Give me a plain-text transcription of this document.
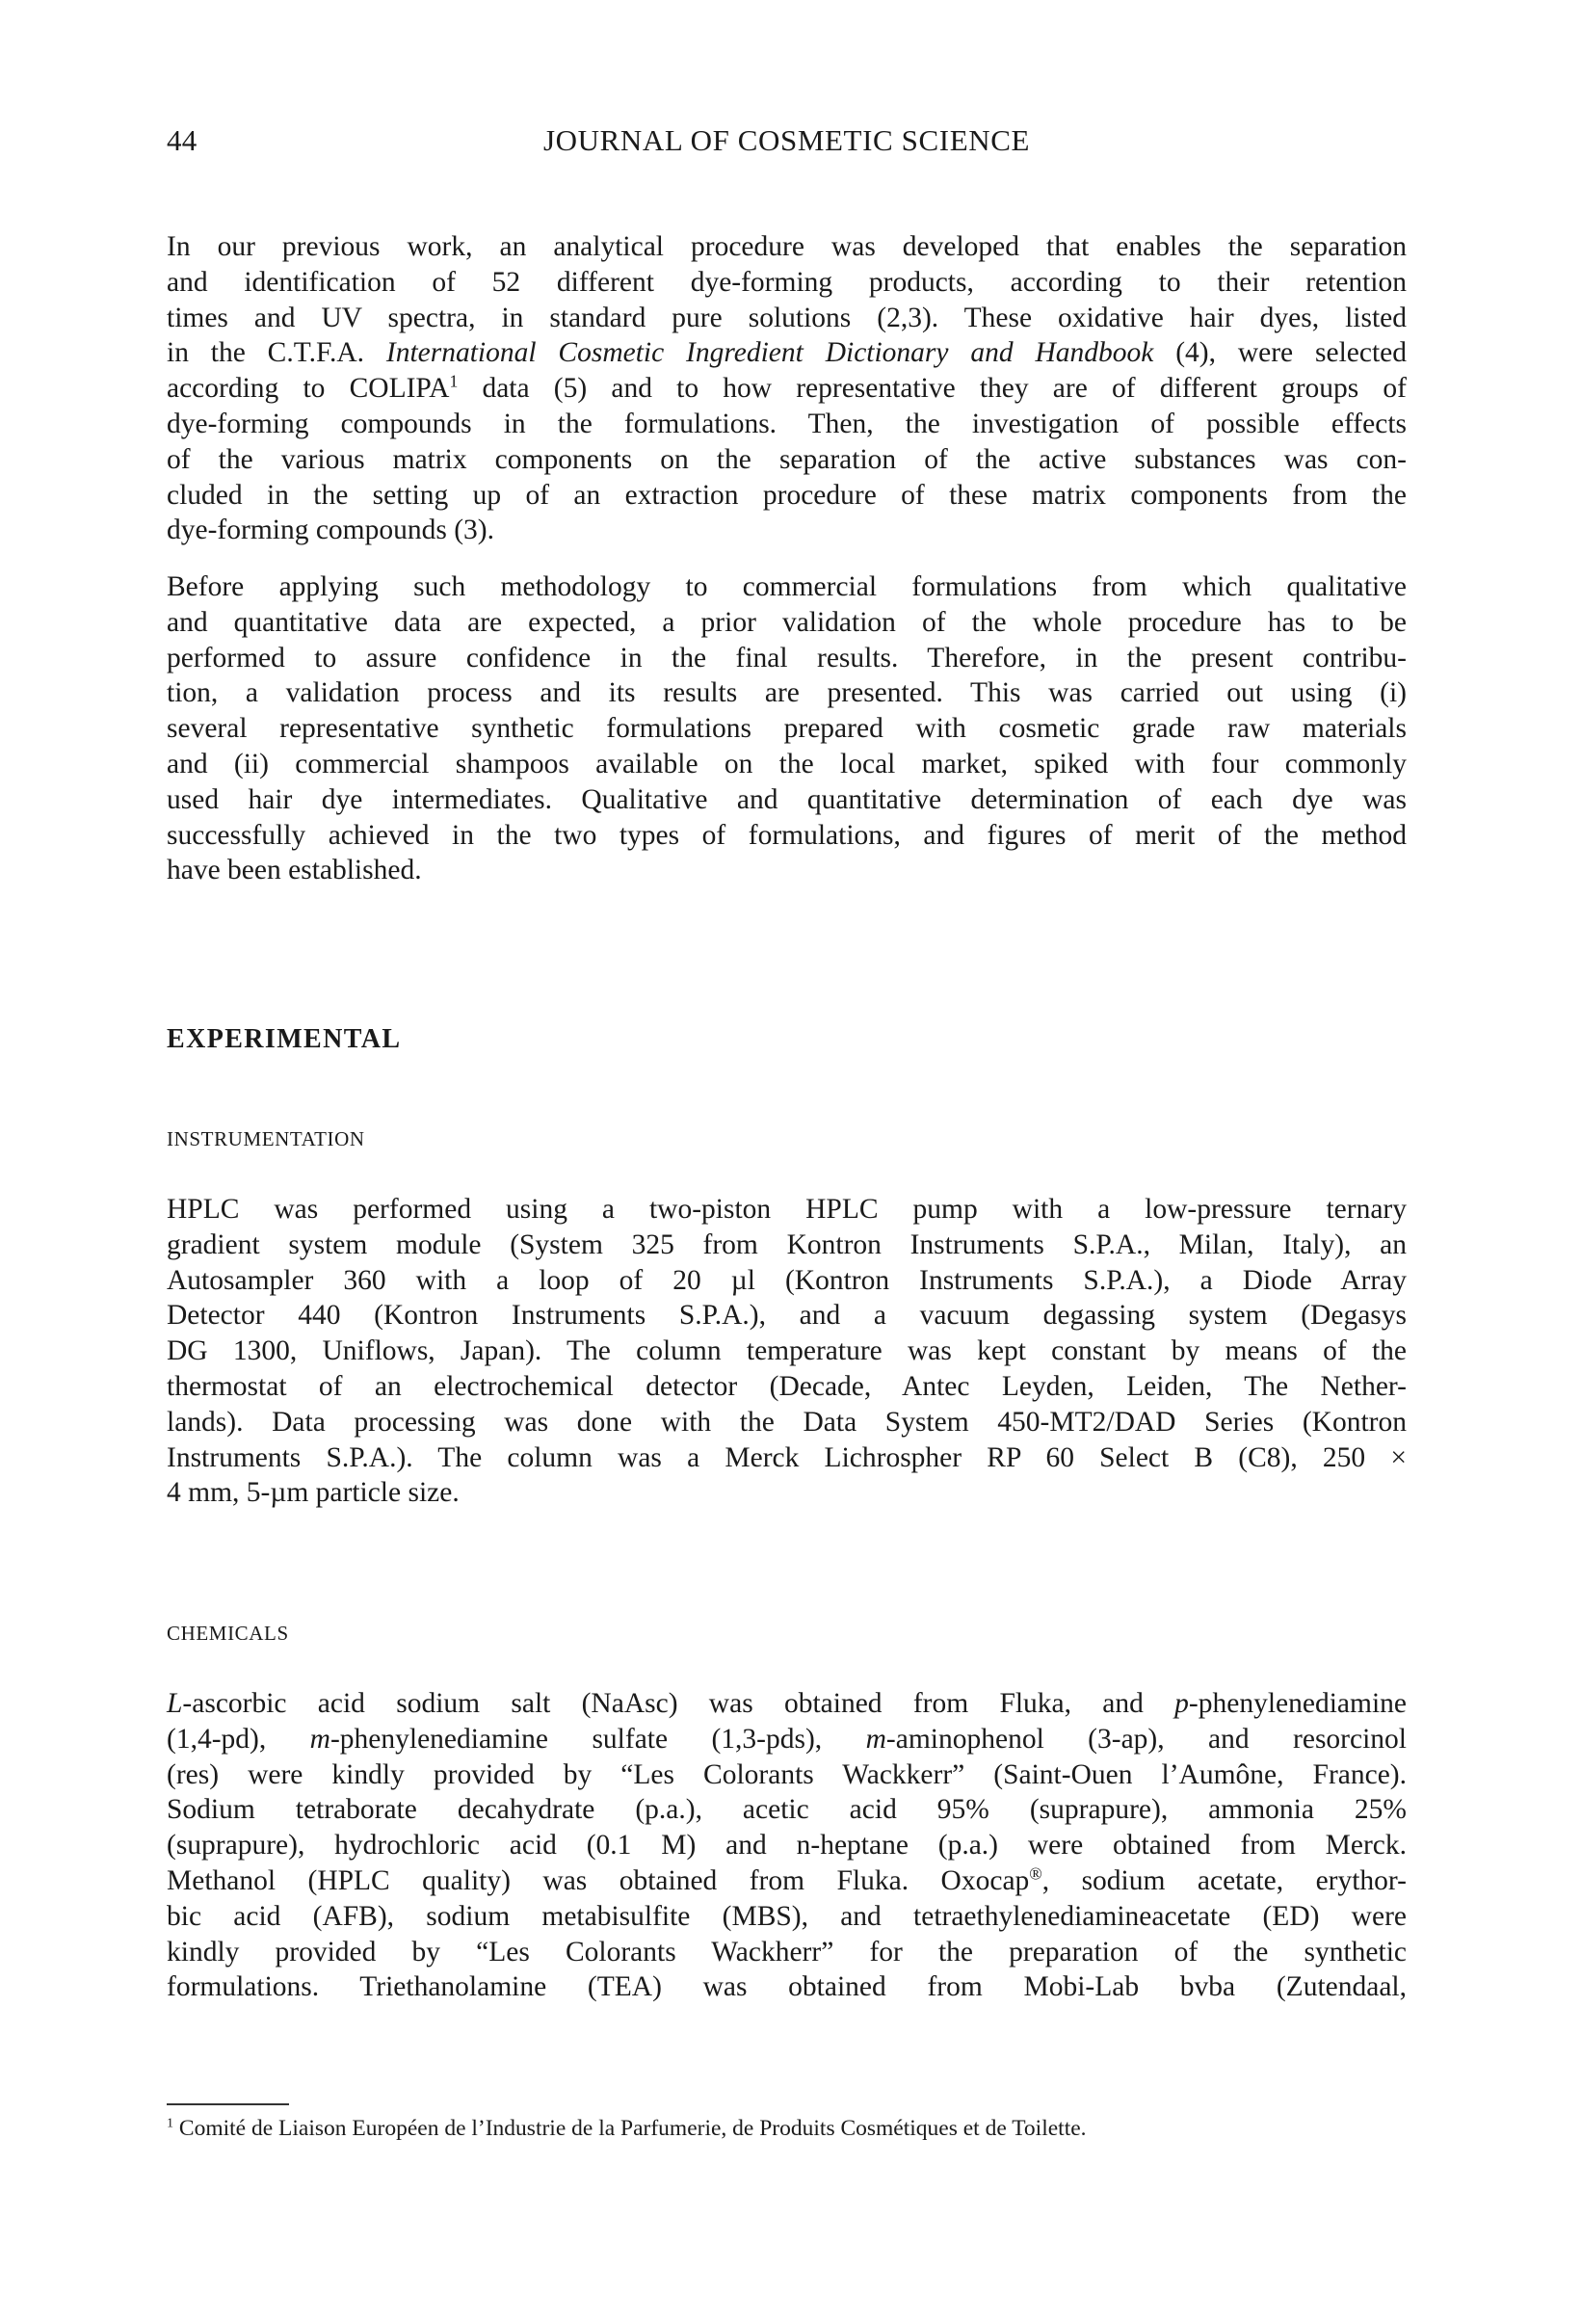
44	JOURNAL OF COSMETIC SCIENCE
In our previous work, an analytical procedure was developed that enables the separation
and identification of 52 different dye-forming products, according to their retention
times and UV spectra, in standard pure solutions (2,3). These oxidative hair dyes, listed
in the C.T.F.A. International Cosmetic Ingredient Dictionary and Handbook (4), were selected
according to COLIPA$^1$ data (5) and to how representative they are of different groups of
dye-forming compounds in the formulations. Then, the investigation of possible effects
of the various matrix components on the separation of the active substances was con-
cluded in the setting up of an extraction procedure of these matrix components from the
dye-forming compounds (3).
Before applying such methodology to commercial formulations from which qualitative
and quantitative data are expected, a prior validation of the whole procedure has to be
performed to assure confidence in the final results. Therefore, in the present contribu-
tion, a validation process and its results are presented. This was carried out using (i)
several representative synthetic formulations prepared with cosmetic grade raw materials
and (ii) commercial shampoos available on the local market, spiked with four commonly
used hair dye intermediates. Qualitative and quantitative determination of each dye was
successfully achieved in the two types of formulations, and figures of merit of the method
have been established.
EXPERIMENTAL
INSTRUMENTATION
HPLC was performed using a two-piston HPLC pump with a low-pressure ternary
gradient system module (System 325 from Kontron Instruments S.P.A., Milan, Italy), an
Autosampler 360 with a loop of 20 µl (Kontron Instruments S.P.A.), a Diode Array
Detector 440 (Kontron Instruments S.P.A.), and a vacuum degassing system (Degasys
DG 1300, Uniflows, Japan). The column temperature was kept constant by means of the
thermostat of an electrochemical detector (Decade, Antec Leyden, Leiden, The Nether-
lands). Data processing was done with the Data System 450-MT2/DAD Series (Kontron
Instruments S.P.A.). The column was a Merck Lichrospher RP 60 Select B (C8), 250 ×
4 mm, 5-µm particle size.
CHEMICALS
L-ascorbic acid sodium salt (NaAsc) was obtained from Fluka, and p-phenylenediamine
(1,4-pd), m-phenylenediamine sulfate (1,3-pds), m-aminophenol (3-ap), and resorcinol
(res) were kindly provided by “Les Colorants Wackkerr” (Saint-Ouen l’Aumône, France).
Sodium tetraborate decahydrate (p.a.), acetic acid 95% (suprapure), ammonia 25%
(suprapure), hydrochloric acid (0.1 M) and n-heptane (p.a.) were obtained from Merck.
Methanol (HPLC quality) was obtained from Fluka. Oxocap®, sodium acetate, erythor-
bic acid (AFB), sodium metabisulfite (MBS), and tetraethylenediamineacetate (ED) were
kindly provided by “Les Colorants Wackherr” for the preparation of the synthetic
formulations. Triethanolamine (TEA) was obtained from Mobi-Lab bvba (Zutendaal,
$^1$ Comité de Liaison Européen de l’Industrie de la Parfumerie, de Produits Cosmétiques et de Toilette.
